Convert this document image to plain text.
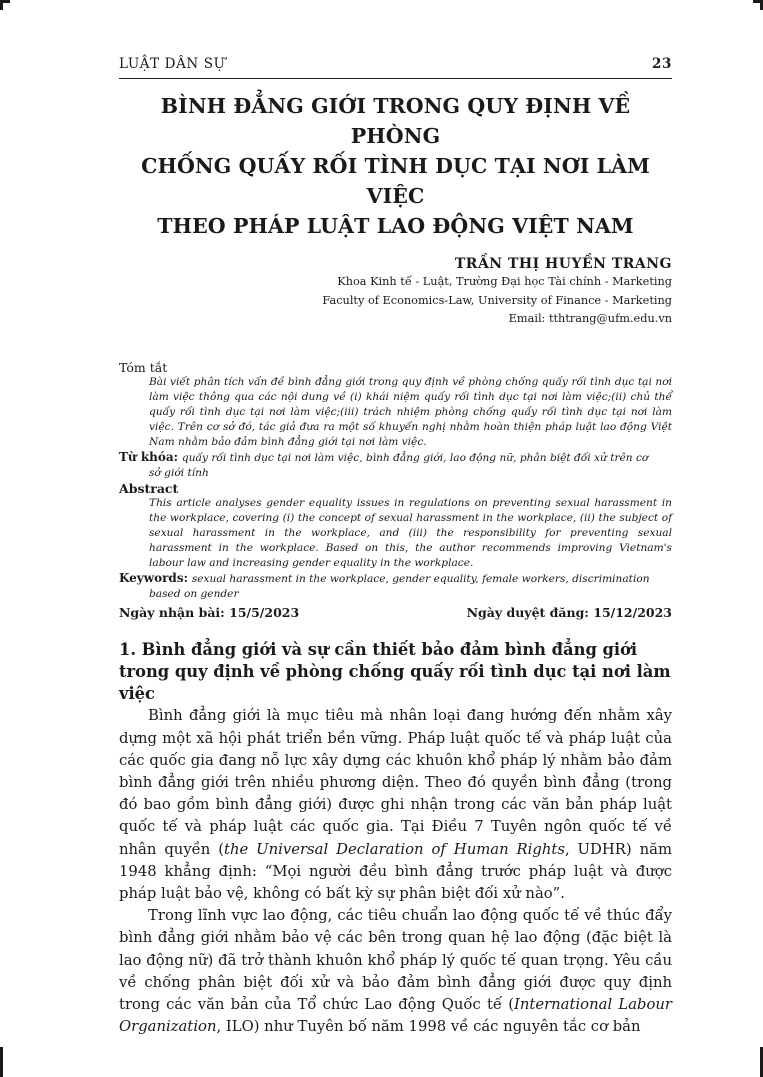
LUẬT DÂN SỰ	23
BÌNH ĐẲNG GIỚI TRONG QUY ĐỊNH VỀ PHÒNG
CHỐNG QUẤY RỐI TÌNH DỤC TẠI NƠI LÀM VIỆC
THEO PHÁP LUẬT LAO ĐỘNG VIỆT NAM
TRẦN THỊ HUYỀN TRANG
Khoa Kinh tế - Luật, Trường Đại học Tài chính - Marketing
Faculty of Economics-Law, University of Finance - Marketing
Email: tthtrang@ufm.edu.vn
Tóm tắt
Bài viết phân tích vấn đề bình đẳng giới trong quy định về phòng chống quấy rối tình dục tại nơi làm việc thông qua các nội dung về (i) khái niệm quấy rối tình dục tại nơi làm việc;(ii) chủ thể quấy rối tình dục tại nơi làm việc;(iii) trách nhiệm phòng chống quấy rối tình dục tại nơi làm việc. Trên cơ sở đó, tác giả đưa ra một số khuyến nghị nhằm hoàn thiện pháp luật lao động Việt Nam nhằm bảo đảm bình đẳng giới tại nơi làm việc.
Từ khóa: quấy rối tình dục tại nơi làm việc, bình đẳng giới, lao động nữ, phân biệt đối xử trên cơ
sở giới tính
Abstract
This article analyses gender equality issues in regulations on preventing sexual harassment in the workplace, covering (i) the concept of sexual harassment in the workplace, (ii) the subject of sexual harassment in the workplace, and (iii) the responsibility for preventing sexual harassment in the workplace. Based on this, the author recommends improving Vietnam's labour law and increasing gender equality in the workplace.
Keywords: sexual harassment in the workplace, gender equality, female workers, discrimination
based on gender
Ngày nhận bài: 15/5/2023	Ngày duyệt đăng: 15/12/2023
1. Bình đẳng giới và sự cần thiết bảo đảm bình đẳng giới trong quy định về phòng chống quấy rối tình dục tại nơi làm việc

Bình đẳng giới là mục tiêu mà nhân loại đang hướng đến nhằm xây dựng một xã hội phát triển bền vững. Pháp luật quốc tế và pháp luật của các quốc gia đang nỗ lực xây dựng các khuôn khổ pháp lý nhằm bảo đảm bình đẳng giới trên nhiều phương diện. Theo đó quyền bình đẳng (trong đó bao gồm bình đẳng giới) được ghi nhận trong các văn bản pháp luật quốc tế và pháp luật các quốc gia. Tại Điều 7 Tuyên ngôn quốc tế về nhân quyền (the Universal Declaration of Human Rights, UDHR) năm 1948 khẳng định: “Mọi người đều bình đẳng trước pháp luật và được pháp luật bảo vệ, không có bất kỳ sự phân biệt đối xử nào”.

Trong lĩnh vực lao động, các tiêu chuẩn lao động quốc tế về thúc đẩy bình đẳng giới nhằm bảo vệ các bên trong quan hệ lao động (đặc biệt là lao động nữ) đã trở thành khuôn khổ pháp lý quốc tế quan trọng. Yêu cầu về chống phân biệt đối xử và bảo đảm bình đẳng giới được quy định trong các văn bản của Tổ chức Lao động Quốc tế (International Labour Organization, ILO) như Tuyên bố năm 1998 về các nguyên tắc cơ bản
